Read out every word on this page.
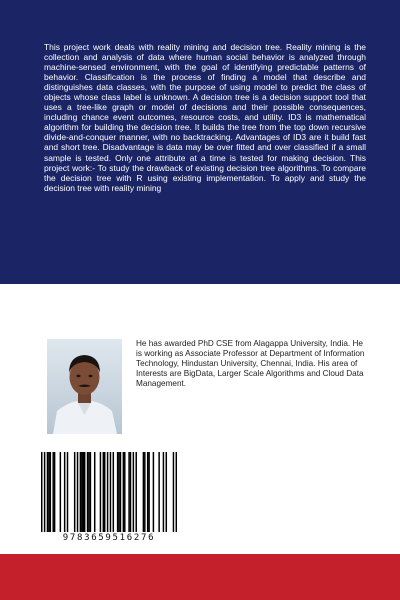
This project work deals with reality mining and decision tree. Reality mining is the collection and analysis of data where human social behavior is analyzed through machine-sensed environment, with the goal of identifying predictable patterns of behavior. Classification is the process of finding a model that describe and distinguishes data classes, with the purpose of using model to predict the class of objects whose class label is unknown. A decision tree is a decision support tool that uses a tree-like graph or model of decisions and their possible consequences, including chance event outcomes, resource costs, and utility. ID3 is mathematical algorithm for building the decision tree. It builds the tree from the top down recursive divide-and-conquer manner, with no backtracking. Advantages of ID3 are it build fast and short tree. Disadvantage is data may be over fitted and over classified if a small sample is tested. Only one attribute at a time is tested for making decision. This project work:- To study the drawback of existing decision tree algorithms. To compare the decision tree with R using existing implementation. To apply and study the decision tree with reality mining

He has awarded PhD CSE from Alagappa University, India. He is working as Associate Professor at Department of Information Technology, Hindustan University, Chennai, India. His area of Interests are BigData, Larger Scale Algorithms and Cloud Data Management.

9783659516276
